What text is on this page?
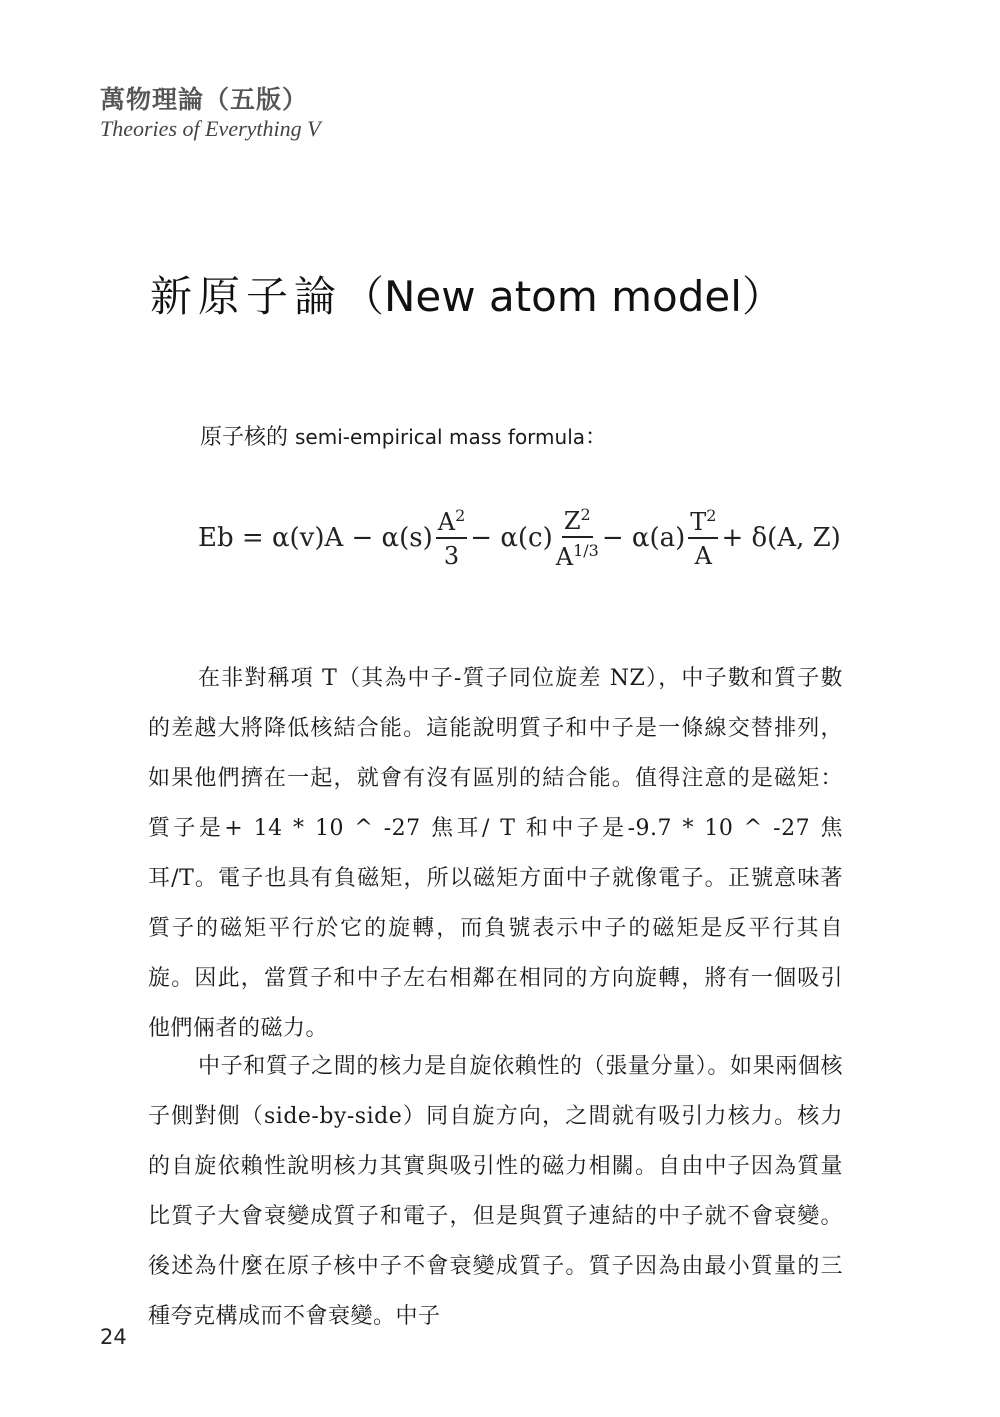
萬物理論（五版）
Theories of Everything V
新原子論（New atom model）
原子核的 semi-empirical mass formula：
$Eb = \alpha(v)A - \alpha(s) \frac{A^2}{3} - \alpha(c) \frac{Z^2}{A^{1/3}} - \alpha(a) \frac{T^2}{A} + \delta(A$, Z)

在非對稱項 T（其為中子-質子同位旋差 NZ），中子數和質子數的差越大將降低核結合能。這能說明質子和中子是一條線交替排列，如果他們擠在一起，就會有沒有區別的結合能。值得注意的是磁矩：質子是+ 14 * 10 ^ -27 焦耳/ T 和中子是-9.7 * 10 ^ -27 焦耳/T。電子也具有負磁矩，所以磁矩方面中子就像電子。正號意味著質子的磁矩平行於它的旋轉，而負號表示中子的磁矩是反平行其自旋。因此，當質子和中子左右相鄰在相同的方向旋轉，將有一個吸引他們倆者的磁力。

中子和質子之間的核力是自旋依賴性的（張量分量）。如果兩個核子側對側（side-by-side）同自旋方向，之間就有吸引力核力。核力的自旋依賴性說明核力其實與吸引性的磁力相關。自由中子因為質量比質子大會衰變成質子和電子，但是與質子連結的中子就不會衰變。後述為什麼在原子核中子不會衰變成質子。質子因為由最小質量的三種夸克構成而不會衰變。中子

24
